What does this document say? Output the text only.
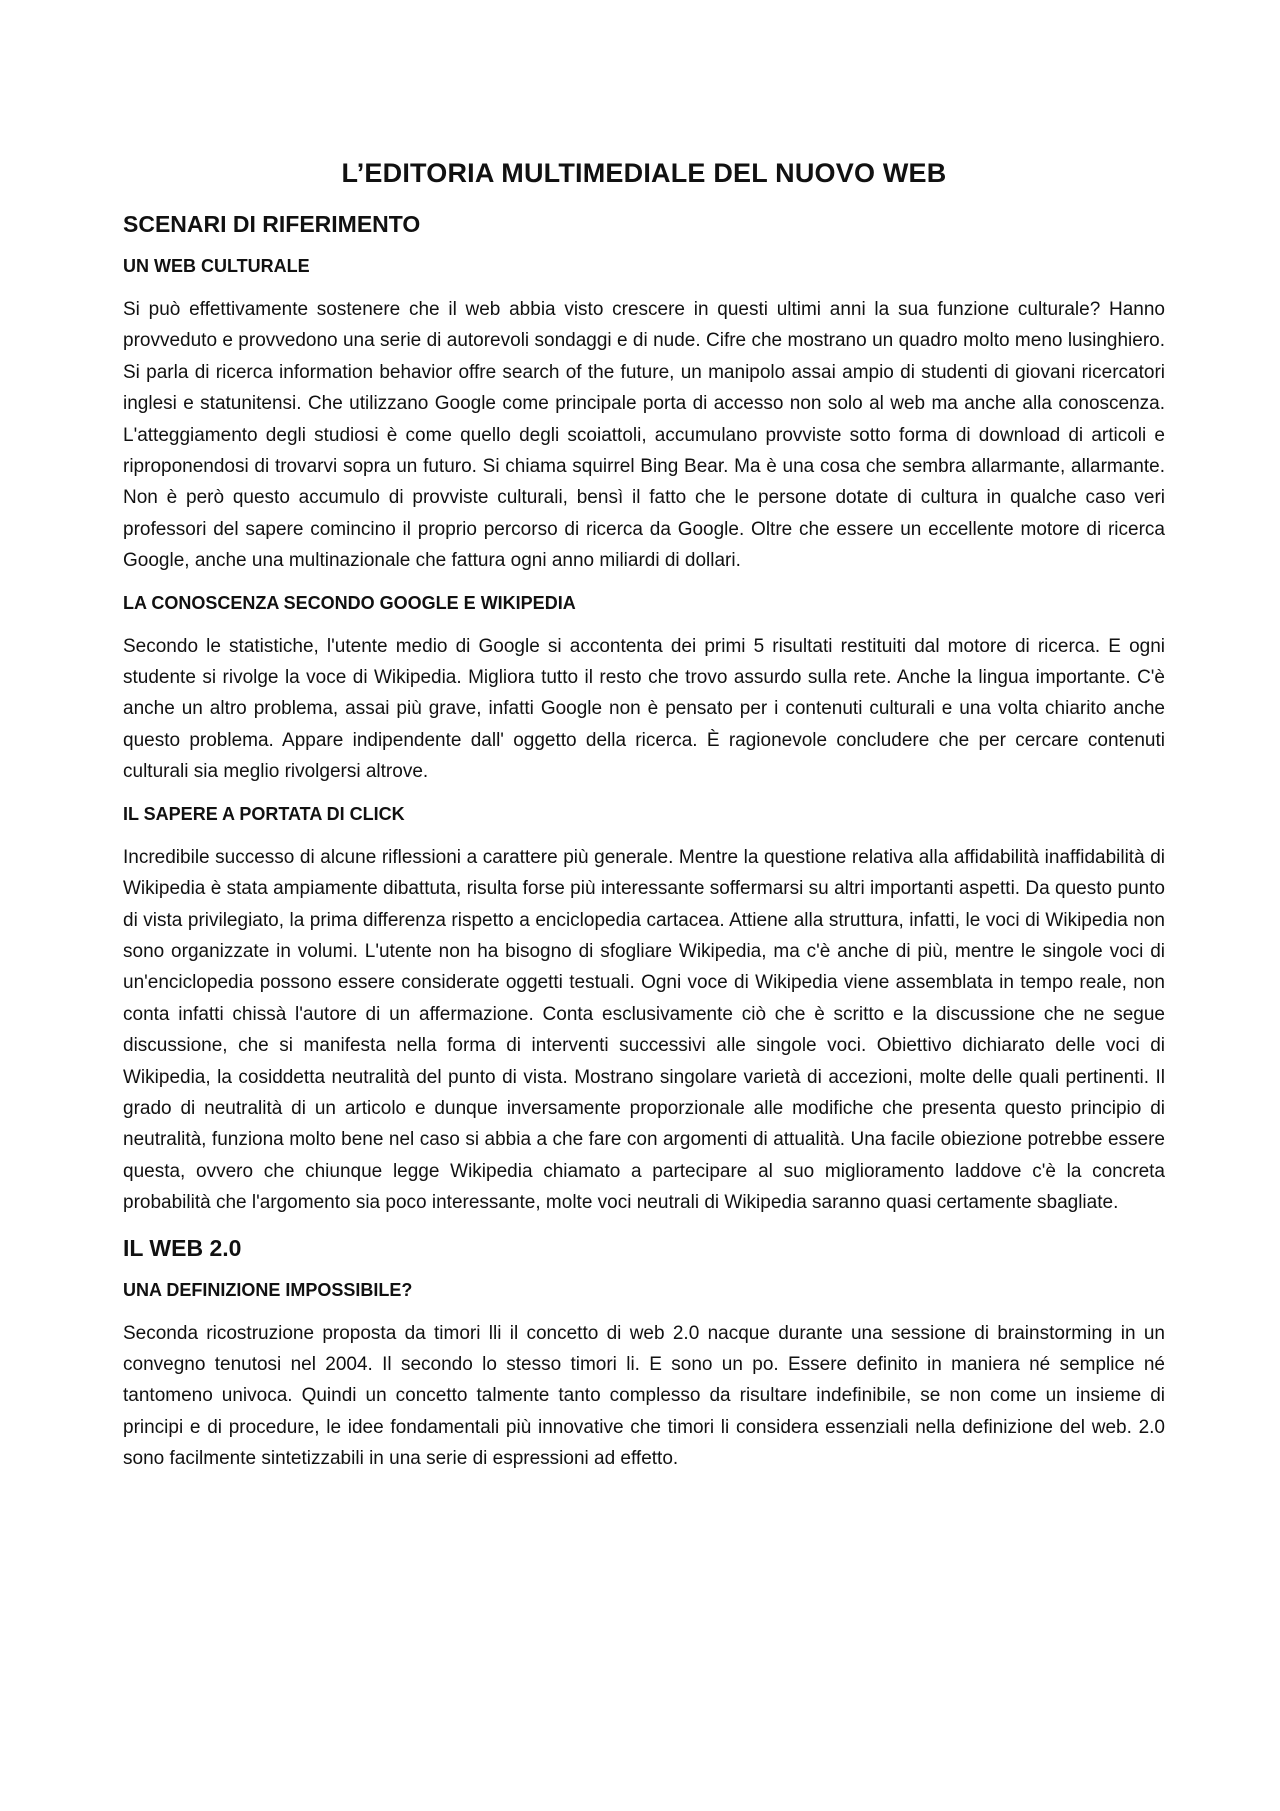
L’EDITORIA MULTIMEDIALE DEL NUOVO WEB
SCENARI DI RIFERIMENTO
UN WEB CULTURALE

Si può effettivamente sostenere che il web abbia visto crescere in questi ultimi anni la sua funzione culturale? Hanno provveduto e provvedono una serie di autorevoli sondaggi e di nude. Cifre che mostrano un quadro molto meno lusinghiero. Si parla di ricerca information behavior offre search of the future, un manipolo assai ampio di studenti di giovani ricercatori inglesi e statunitensi. Che utilizzano Google come principale porta di accesso non solo al web ma anche alla conoscenza. L'atteggiamento degli studiosi è come quello degli scoiattoli, accumulano provviste sotto forma di download di articoli e riproponendosi di trovarvi sopra un futuro. Si chiama squirrel Bing Bear. Ma è una cosa che sembra allarmante, allarmante. Non è però questo accumulo di provviste culturali, bensì il fatto che le persone dotate di cultura in qualche caso veri professori del sapere comincino il proprio percorso di ricerca da Google. Oltre che essere un eccellente motore di ricerca Google, anche una multinazionale che fattura ogni anno miliardi di dollari.

LA CONOSCENZA SECONDO GOOGLE E WIKIPEDIA

Secondo le statistiche, l'utente medio di Google si accontenta dei primi 5 risultati restituiti dal motore di ricerca. E ogni studente si rivolge la voce di Wikipedia. Migliora tutto il resto che trovo assurdo sulla rete. Anche la lingua importante. C'è anche un altro problema, assai più grave, infatti Google non è pensato per i contenuti culturali e una volta chiarito anche questo problema. Appare indipendente dall' oggetto della ricerca. È ragionevole concludere che per cercare contenuti culturali sia meglio rivolgersi altrove.

IL SAPERE A PORTATA DI CLICK

Incredibile successo di alcune riflessioni a carattere più generale. Mentre la questione relativa alla affidabilità inaffidabilità di Wikipedia è stata ampiamente dibattuta, risulta forse più interessante soffermarsi su altri importanti aspetti. Da questo punto di vista privilegiato, la prima differenza rispetto a enciclopedia cartacea. Attiene alla struttura, infatti, le voci di Wikipedia non sono organizzate in volumi. L'utente non ha bisogno di sfogliare Wikipedia, ma c'è anche di più, mentre le singole voci di un'enciclopedia possono essere considerate oggetti testuali. Ogni voce di Wikipedia viene assemblata in tempo reale, non conta infatti chissà l'autore di un affermazione. Conta esclusivamente ciò che è scritto e la discussione che ne segue discussione, che si manifesta nella forma di interventi successivi alle singole voci. Obiettivo dichiarato delle voci di Wikipedia, la cosiddetta neutralità del punto di vista. Mostrano singolare varietà di accezioni, molte delle quali pertinenti. Il grado di neutralità di un articolo e dunque inversamente proporzionale alle modifiche che presenta questo principio di neutralità, funziona molto bene nel caso si abbia a che fare con argomenti di attualità. Una facile obiezione potrebbe essere questa, ovvero che chiunque legge Wikipedia chiamato a partecipare al suo miglioramento laddove c'è la concreta probabilità che l'argomento sia poco interessante, molte voci neutrali di Wikipedia saranno quasi certamente sbagliate.

IL WEB 2.0
UNA DEFINIZIONE IMPOSSIBILE?

Seconda ricostruzione proposta da timori lli il concetto di web 2.0 nacque durante una sessione di brainstorming in un convegno tenutosi nel 2004. Il secondo lo stesso timori li. E sono un po. Essere definito in maniera né semplice né tantomeno univoca. Quindi un concetto talmente tanto complesso da risultare indefinibile, se non come un insieme di principi e di procedure, le idee fondamentali più innovative che timori li considera essenziali nella definizione del web. 2.0 sono facilmente sintetizzabili in una serie di espressioni ad effetto.
